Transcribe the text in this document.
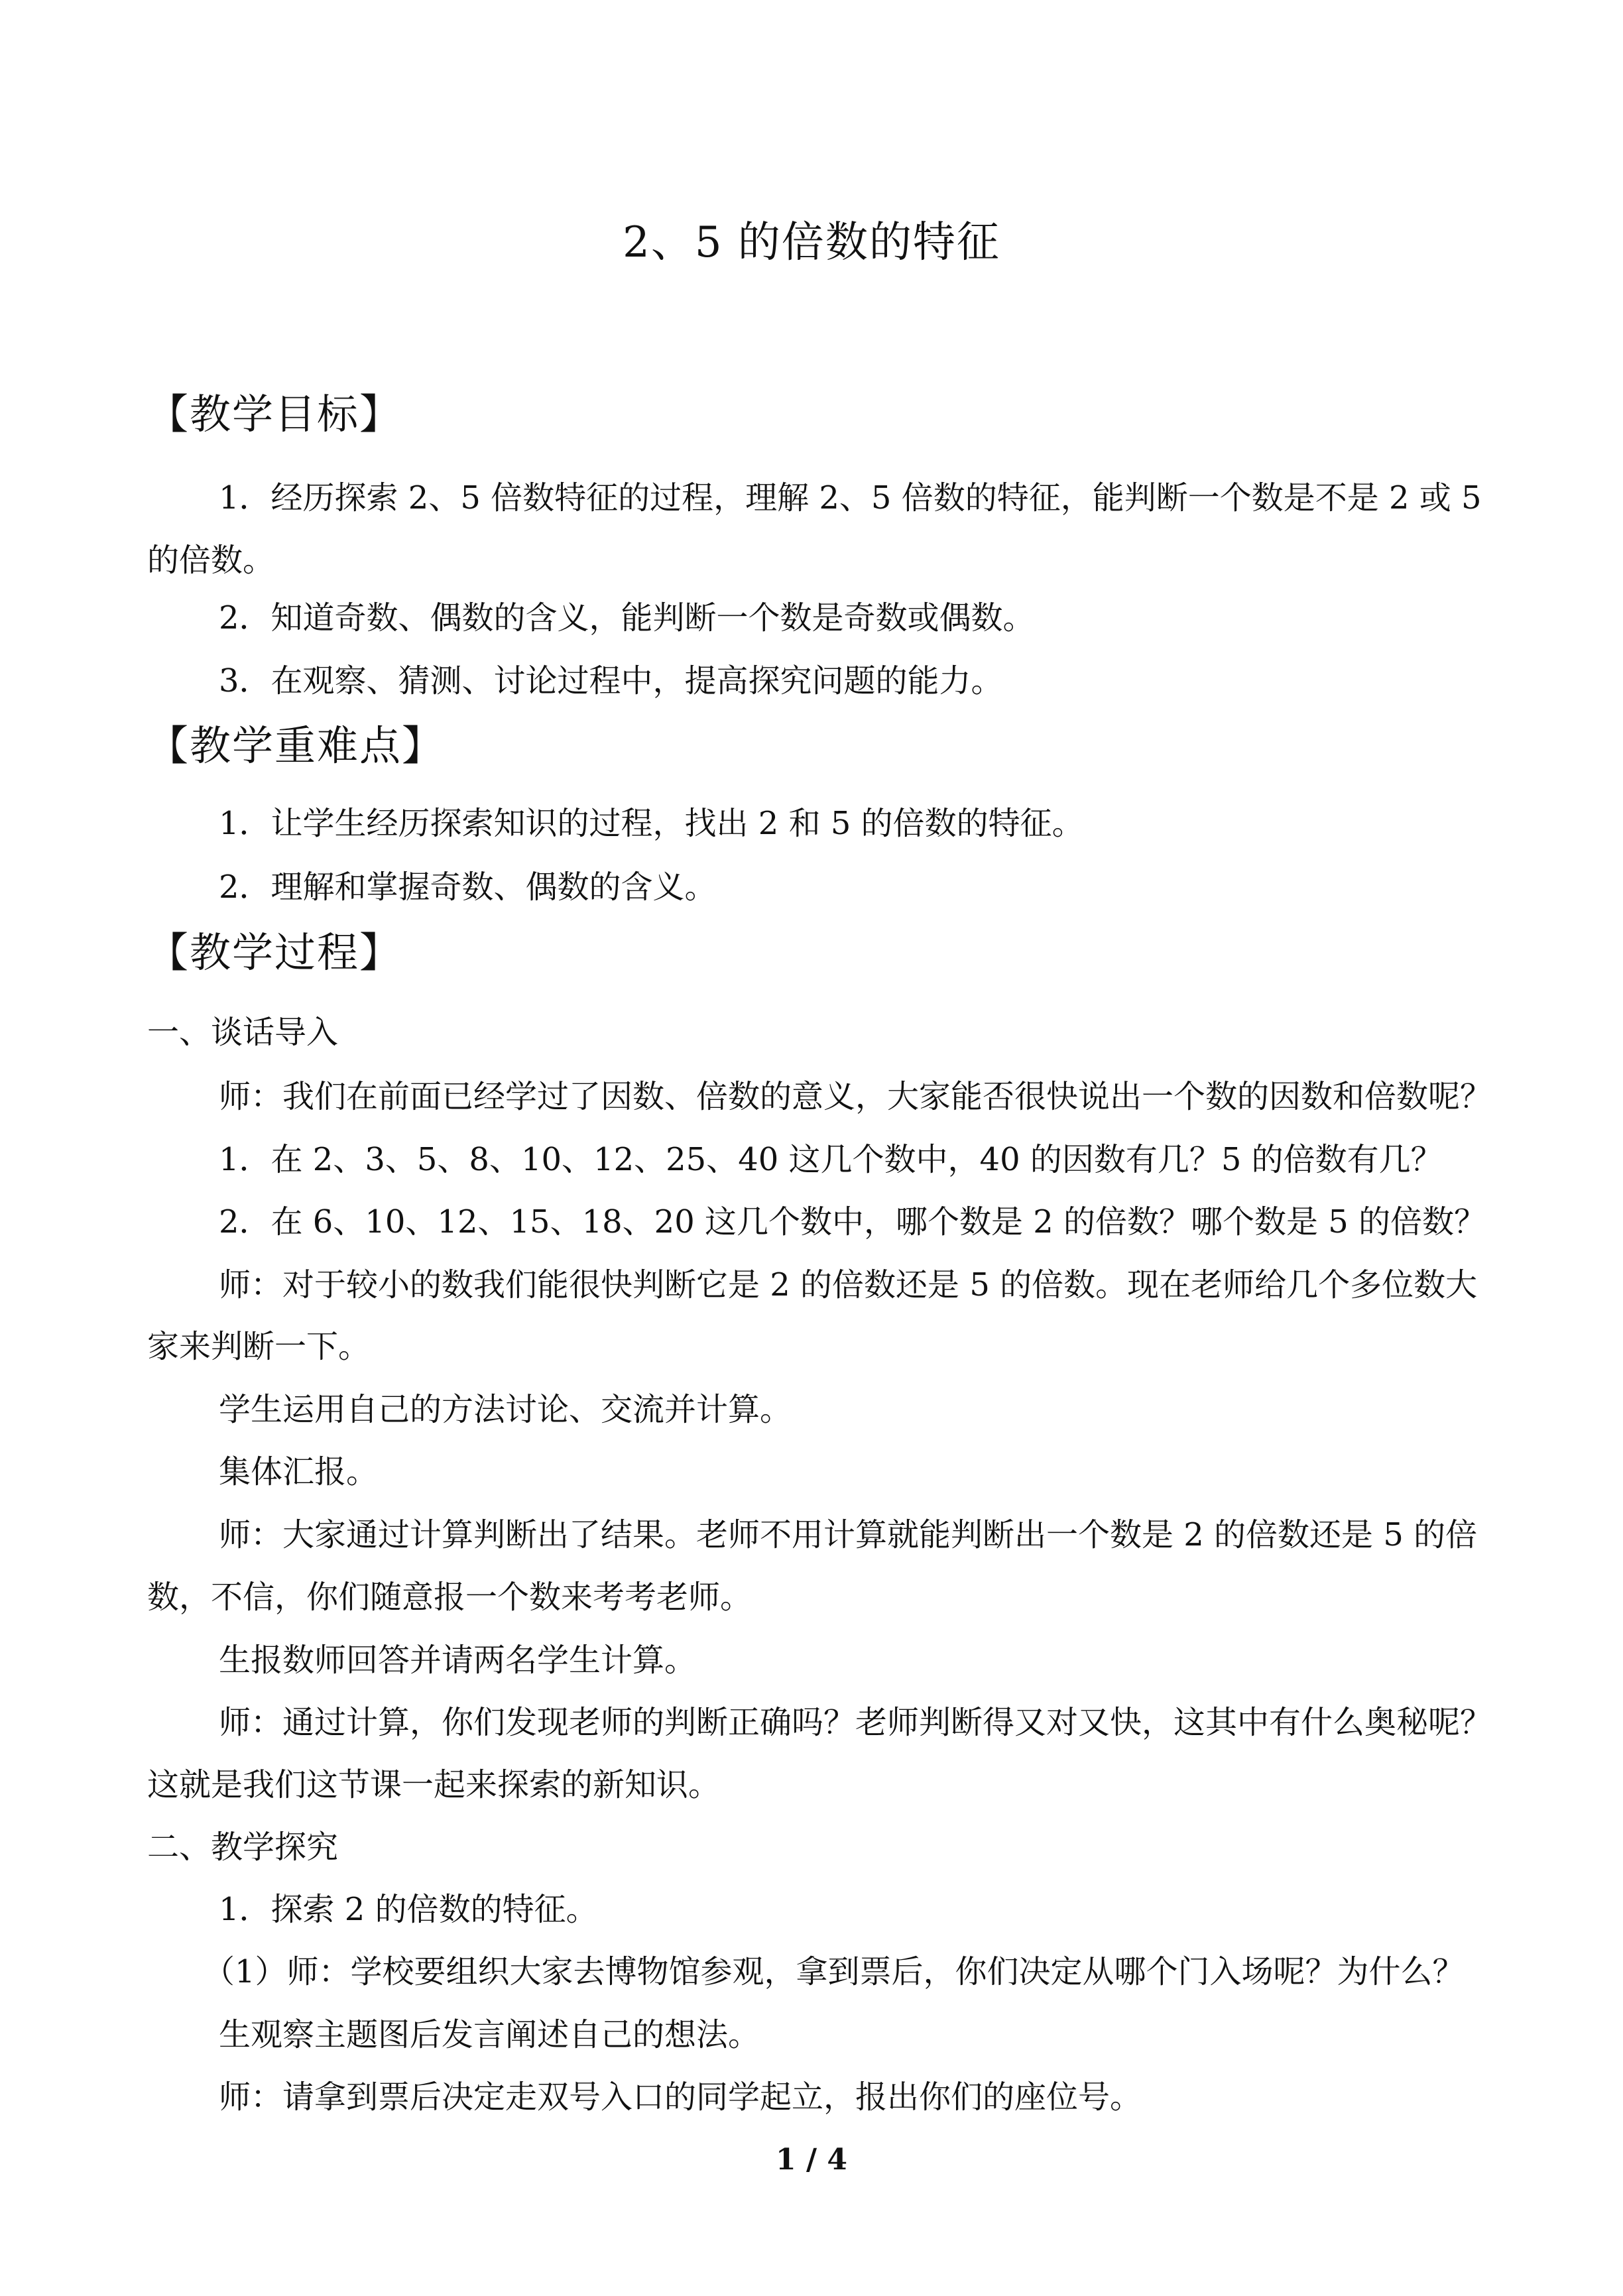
2、5 的倍数的特征
【教学目标】
1．经历探索 2、5 倍数特征的过程，理解 2、5 倍数的特征，能判断一个数是不是 2 或 5
的倍数。
2．知道奇数、偶数的含义，能判断一个数是奇数或偶数。
3．在观察、猜测、讨论过程中，提高探究问题的能力。
【教学重难点】
1．让学生经历探索知识的过程，找出 2 和 5 的倍数的特征。
2．理解和掌握奇数、偶数的含义。
【教学过程】
一、谈话导入
师：我们在前面已经学过了因数、倍数的意义，大家能否很快说出一个数的因数和倍数呢？
1．在 2、3、5、8、10、12、25、40 这几个数中，40 的因数有几？5 的倍数有几？
2．在 6、10、12、15、18、20 这几个数中，哪个数是 2 的倍数？哪个数是 5 的倍数？
师：对于较小的数我们能很快判断它是 2 的倍数还是 5 的倍数。现在老师给几个多位数大
家来判断一下。
学生运用自己的方法讨论、交流并计算。
集体汇报。
师：大家通过计算判断出了结果。老师不用计算就能判断出一个数是 2 的倍数还是 5 的倍
数，不信，你们随意报一个数来考考老师。
生报数师回答并请两名学生计算。
师：通过计算，你们发现老师的判断正确吗？老师判断得又对又快，这其中有什么奥秘呢？
这就是我们这节课一起来探索的新知识。
二、教学探究
1．探索 2 的倍数的特征。
（1）师：学校要组织大家去博物馆参观，拿到票后，你们决定从哪个门入场呢？为什么？
生观察主题图后发言阐述自己的想法。
师：请拿到票后决定走双号入口的同学起立，报出你们的座位号。
1 / 4
